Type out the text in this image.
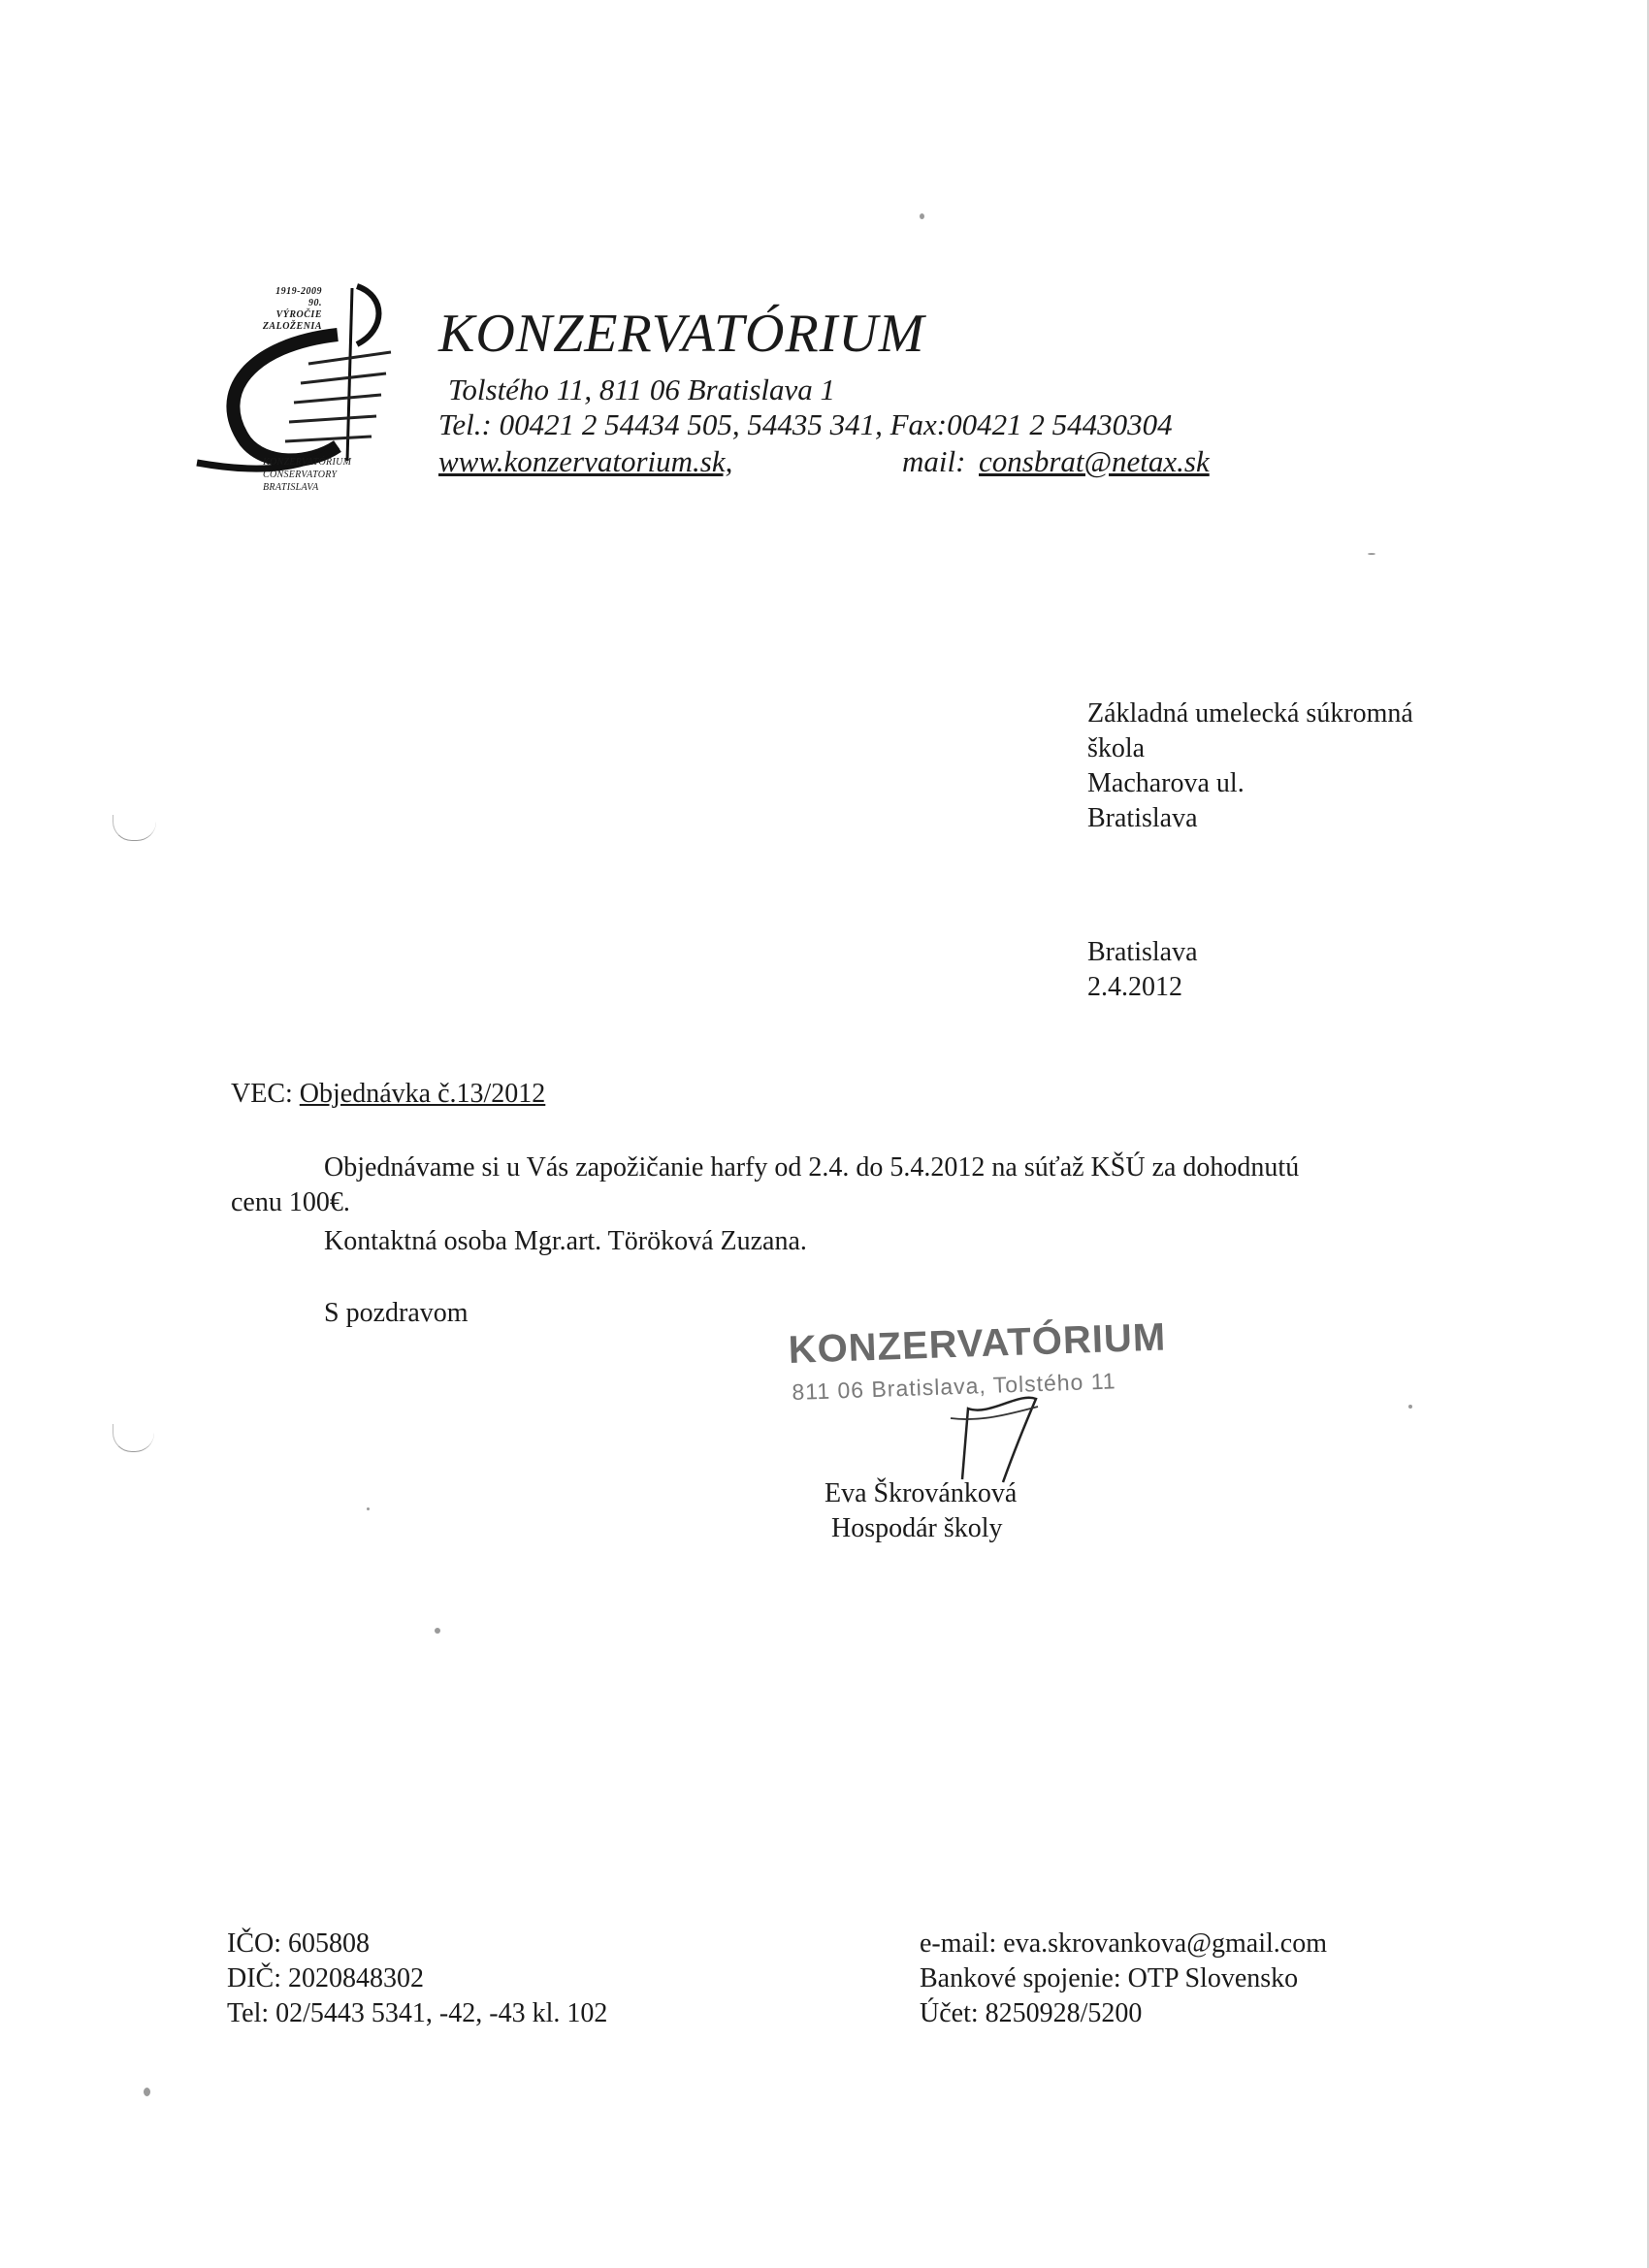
1919-2009
90. VÝROČIE
ZALOŽENIA
KONZERVATÓRIUM
CONSERVATORY
BRATISLAVA
KONZERVATÓRIUM
Tolstého 11, 811 06 Bratislava 1
Tel.: 00421 2 54434 505, 54435 341, Fax:00421 2 54430304
www.konzervatorium.sk,	mail: consbrat@netax.sk
Základná umelecká súkromná
škola
Macharova ul.
Bratislava
Bratislava
2.4.2012
VEC: Objednávka č.13/2012
Objednávame si u Vás zapožičanie harfy od 2.4. do 5.4.2012 na súťaž KŠÚ za dohodnutú
cenu 100€.
Kontaktná osoba Mgr.art. Töröková Zuzana.
S pozdravom
KONZERVATÓRIUM
811 06 Bratislava, Tolstého 11
Eva Škrovánková
Hospodár školy
IČO: 605808
DIČ: 2020848302
Tel: 02/5443 5341, -42, -43 kl. 102
e-mail: eva.skrovankova@gmail.com
Bankové spojenie: OTP Slovensko
Účet: 8250928/5200
